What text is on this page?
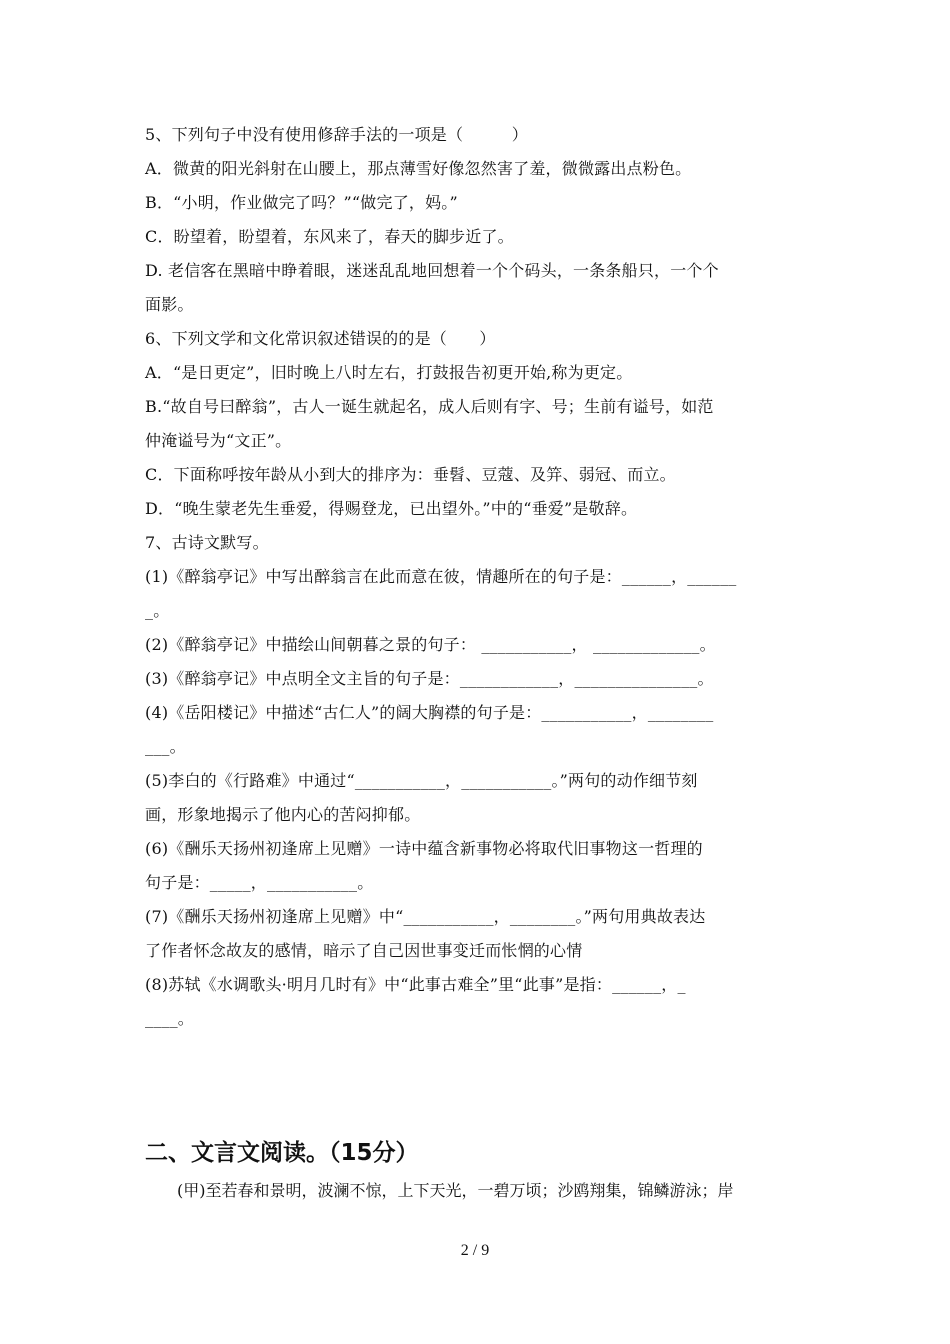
5、下列句子中没有使用修辞手法的一项是（　　　）
A．微黄的阳光斜射在山腰上，那点薄雪好像忽然害了羞，微微露出点粉色。
B．“小明，作业做完了吗？”“做完了，妈。”
C．盼望着，盼望着，东风来了，春天的脚步近了。
D. 老信客在黑暗中睁着眼，迷迷乱乱地回想着一个个码头，一条条船只，一个个
面影。
6、下列文学和文化常识叙述错误的的是（　　）
A．“是日更定”，旧时晚上八时左右，打鼓报告初更开始,称为更定。
B.“故自号曰醉翁”，古人一诞生就起名，成人后则有字、号；生前有谥号，如范
仲淹谥号为“文正”。
C．下面称呼按年龄从小到大的排序为：垂髫、豆蔻、及笄、弱冠、而立。
D．“晚生蒙老先生垂爱，得赐登龙，已出望外。”中的“垂爱”是敬辞。
7、古诗文默写。
(1)《醉翁亭记》中写出醉翁言在此而意在彼，情趣所在的句子是：______，______
_。
(2)《醉翁亭记》中描绘山间朝暮之景的句子： ___________， _____________。
(3)《醉翁亭记》中点明全文主旨的句子是：____________，_______________。
(4)《岳阳楼记》中描述“古仁人”的阔大胸襟的句子是：___________，________
___。
(5)李白的《行路难》中通过“___________，___________。”两句的动作细节刻
画，形象地揭示了他内心的苦闷抑郁。
(6)《酬乐天扬州初逢席上见赠》一诗中蕴含新事物必将取代旧事物这一哲理的
句子是：_____，___________。
(7)《酬乐天扬州初逢席上见赠》中“___________，________。”两句用典故表达
了作者怀念故友的感情，暗示了自己因世事变迁而怅惘的心情
(8)苏轼《水调歌头·明月几时有》中“此事古难全”里“此事”是指：______，_
____。
二、文言文阅读。（15分）
(甲)至若春和景明，波澜不惊，上下天光，一碧万顷；沙鸥翔集，锦鳞游泳；岸
2 / 9
